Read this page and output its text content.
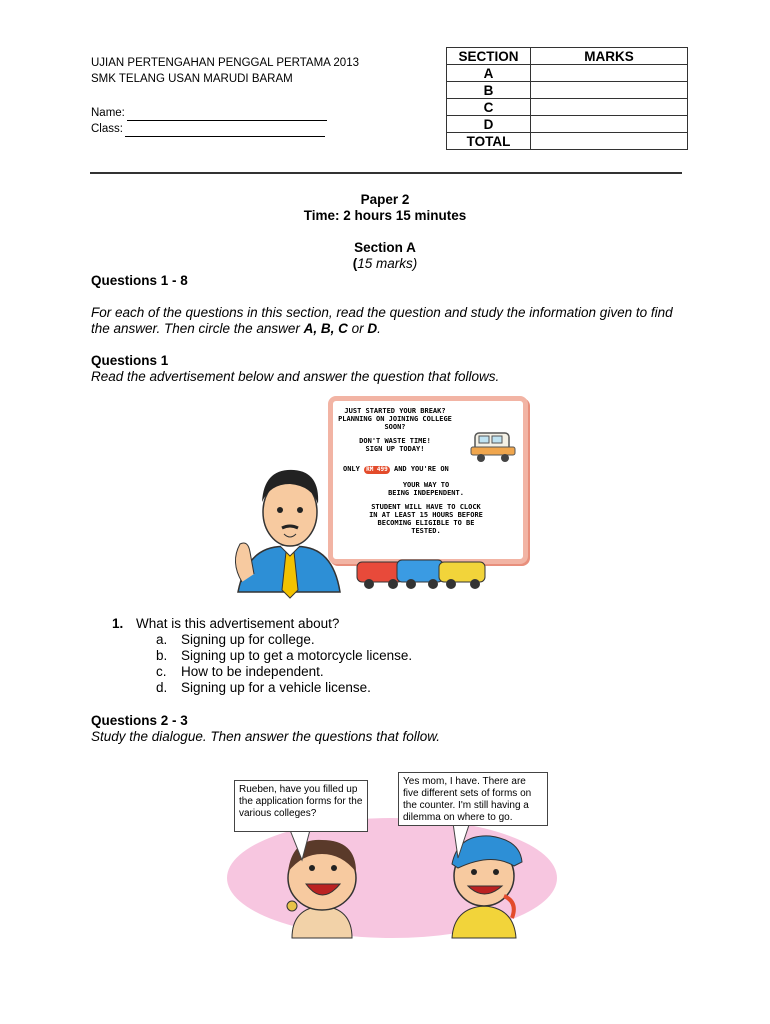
UJIAN PERTENGAHAN PENGGAL PERTAMA 2013
SMK TELANG USAN MARUDI BARAM
Name:
Class:
SECTION	MARKS
A	
B	
C	
D	
TOTAL	
Paper 2
Time: 2 hours 15 minutes
Section A
(15 marks)
Questions 1 - 8
For each of the questions in this section, read the question and study the information given to find the answer. Then circle the answer A, B, C or D.
Questions 1
Read the advertisement below and answer the question that follows.
JUST STARTED YOUR BREAK?
PLANNING ON JOINING COLLEGE
SOON?
DON'T WASTE TIME!
SIGN UP TODAY!
ONLY RM 499 AND YOU'RE ON
YOUR WAY TO
BEING INDEPENDENT.
STUDENT WILL HAVE TO CLOCK
IN AT LEAST 15 HOURS BEFORE
BECOMING ELIGIBLE TO BE
TESTED.
1. What is this advertisement about?
a. Signing up for college.
b. Signing up to get a motorcycle license.
c. How to be independent.
d. Signing up for a vehicle license.
Questions 2 - 3
Study the dialogue. Then answer the questions that follow.
Rueben, have you filled up the application forms for the various colleges?
Yes mom, I have. There are five different sets of forms on the counter. I'm still having a dilemma on where to go.
